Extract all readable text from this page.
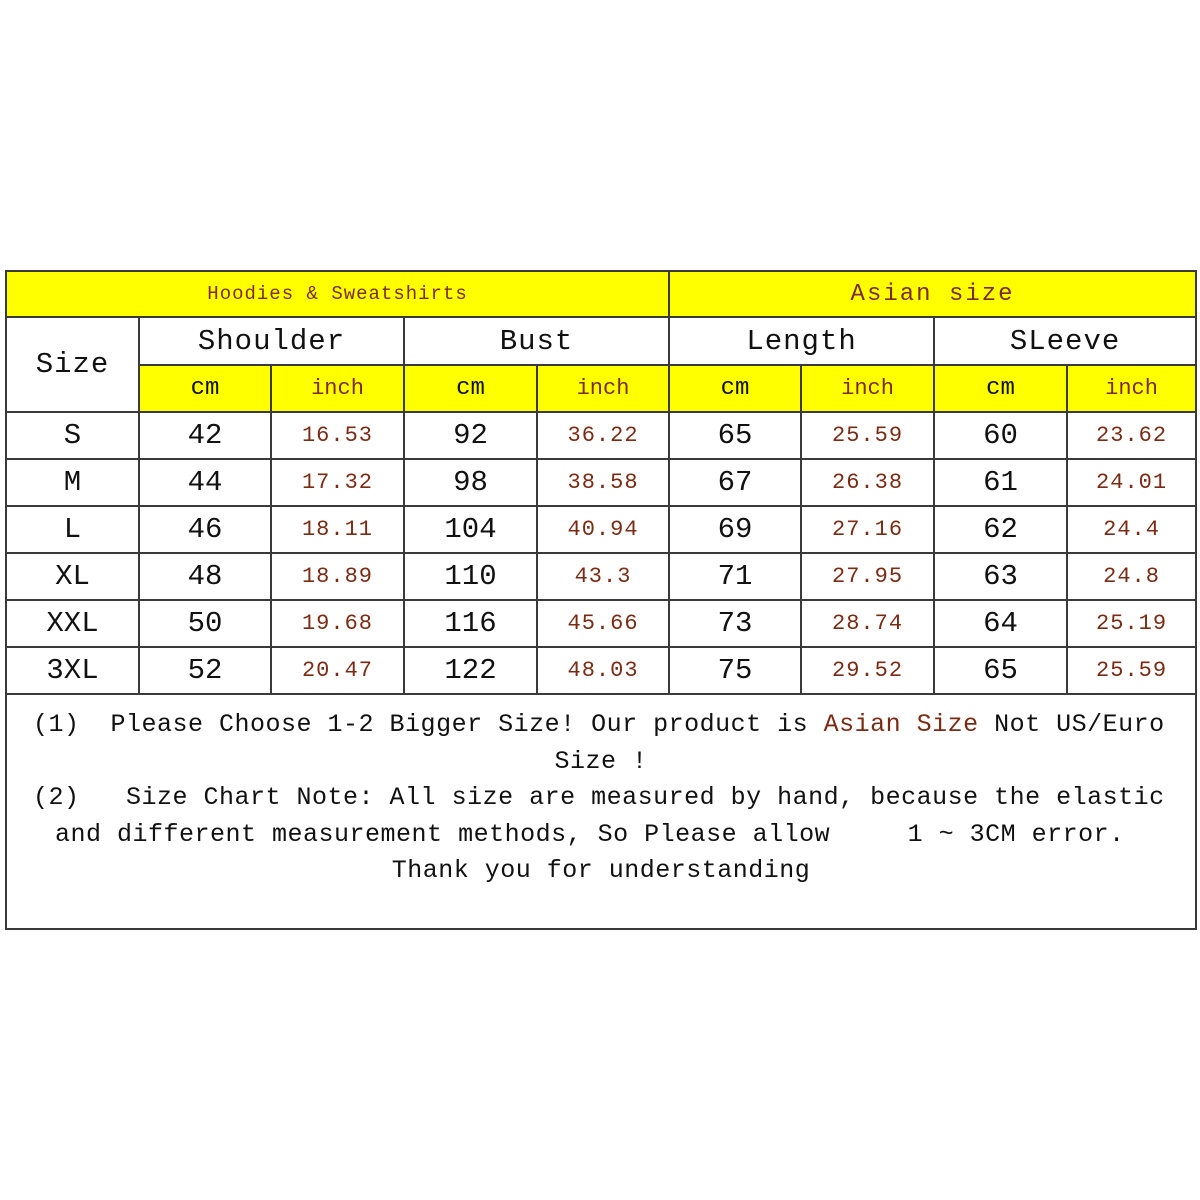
Hoodies & Sweatshirts					Asian size			
Size	Shoulder		Bust		Length		SLeeve	
	cm	inch	cm	inch	cm	inch	cm	inch
S	42	16.53	92	36.22	65	25.59	60	23.62
M	44	17.32	98	38.58	67	26.38	61	24.01
L	46	18.11	104	40.94	69	27.16	62	24.4
XL	48	18.89	110	43.3	71	27.95	63	24.8
XXL	50	19.68	116	45.66	73	28.74	64	25.19
3XL	52	20.47	122	48.03	75	29.52	65	25.59
(1)  Please Choose 1-2 Bigger Size! Our product is Asian Size Not US/Euro
Size !
(2)   Size Chart Note: All size are measured by hand, because the elastic
and different measurement methods, So Please allow     1 ~ 3CM error.
Thank you for understanding
